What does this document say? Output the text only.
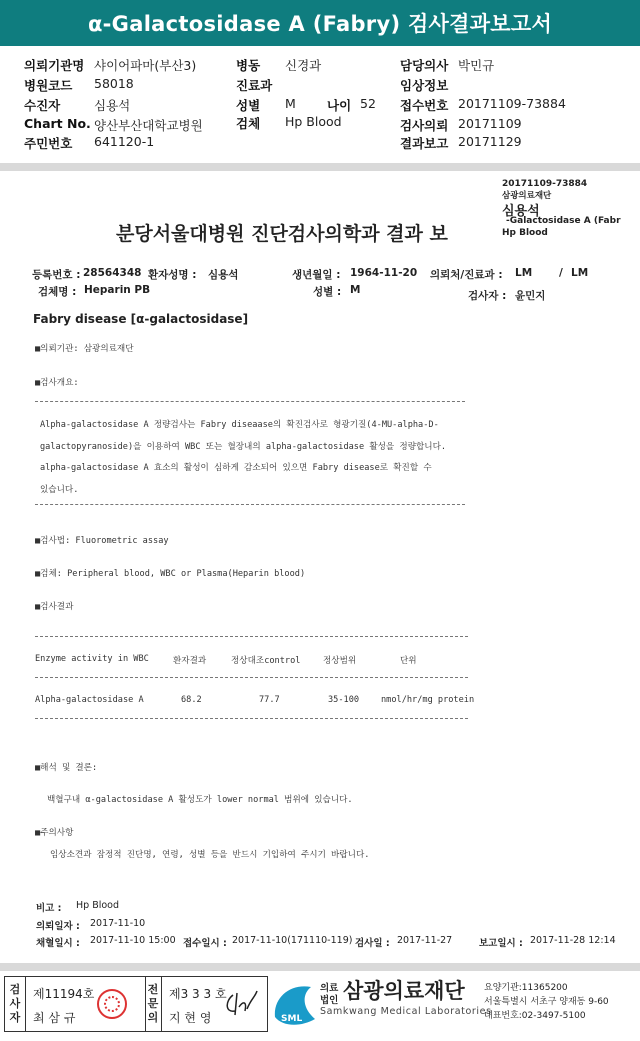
α-Galactosidase A (Fabry) 검사결과보고서
의뢰기관명 샤이어파마(부산3)
병원코드 58018
수진자	심용석
Chart No. 양산부산대학교병원
주민번호 641120-1
병동 신경과
진료과
성별 M 나이 52
검체 Hp Blood
담당의사 박민규
임상정보
접수번호 20171109-73884
검사의뢰 20171109
결과보고 20171129
20171109-73884
삼광의료재단
심용석
-Galactosidase A (Fabr
Hp Blood
분당서울대병원 진단검사의학과 결과 보
등록번호 : 28564348 환자성명 : 심용석	생년월일 : 1964-11-20 의뢰처/진료과 : LM	/ LM
검체명 : Heparin PB	성별 : M	검사자 : 윤민지
Fabry disease [α-galactosidase]
■의뢰기관: 삼광의료재단
■검사개요:
Alpha-galactosidase A 정량검사는 Fabry diseaase의 확진검사로 형광기질(4-MU-alpha-D-
galactopyranoside)을 이용하여 WBC 또는 혈장내의 alpha-galactosidase 활성을 정량합니다.
alpha-galactosidase A 효소의 활성이 심하게 감소되어 있으면 Fabry disease로 확진할 수
있습니다.
■검사법: Fluorometric assay
■검체: Peripheral blood, WBC or Plasma(Heparin blood)
■검사결과
Enzyme activity in WBC	환자결과	정상대조control	정상범위	단위
Alpha-galactosidase A	68.2	77.7	35-100	nmol/hr/mg protein
■해석 및 결론:
백혈구내 α-galactosidase A 활성도가 lower normal 범위에 있습니다.
■주의사항
임상소견과 잠정적 진단명, 연령, 성별 등을 반드시 기입하여 주시기 바랍니다.
비고 : Hp Blood
의뢰일자 : 2017-11-10
채혈일시 : 2017-11-10 15:00 접수일시 : 2017-11-10(171110-119) 검사일 : 2017-11-27	보고일시 : 2017-11-28 12:14
검
사
자
제11194호
최 삼 규
전
문
의
제3 3 3 호
지 현 영	SML
의료
법인 삼광의료재단
Samkwang Medical Laboratories
요양기관:11365200
서울특별시 서초구 양재동 9-60
대표번호:02-3497-5100
